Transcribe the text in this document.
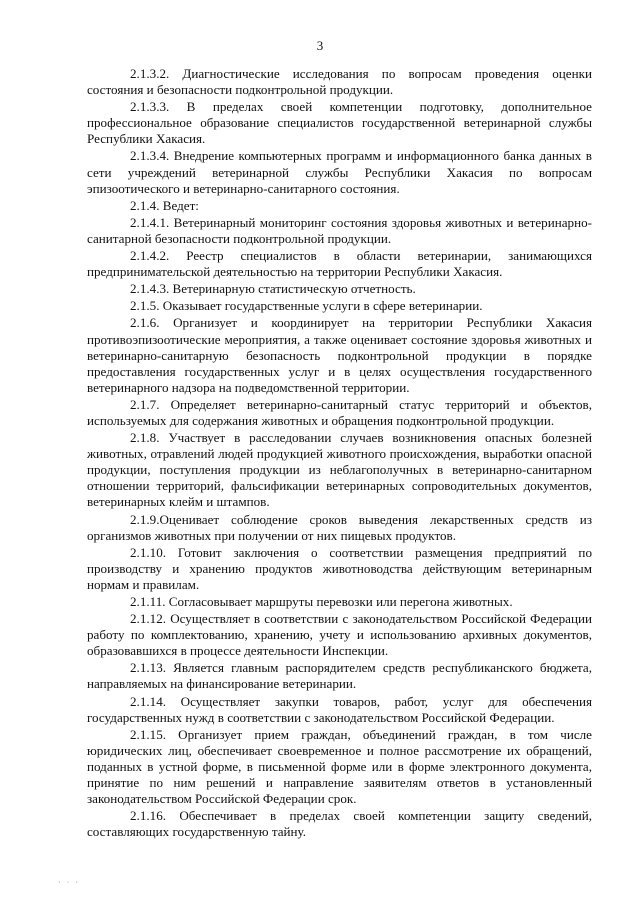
3

2.1.3.2. Диагностические исследования по вопросам проведения оценки состояния и безопасности подконтрольной продукции.

2.1.3.3. В пределах своей компетенции подготовку, дополнительное профессиональное образование специалистов государственной ветеринарной службы Республики Хакасия.

2.1.3.4. Внедрение компьютерных программ и информационного банка данных в сети учреждений ветеринарной службы Республики Хакасия по вопросам эпизоотического и ветеринарно-санитарного состояния.

2.1.4. Ведет:

2.1.4.1. Ветеринарный мониторинг состояния здоровья животных и ветеринарно-санитарной безопасности подконтрольной продукции.

2.1.4.2. Реестр специалистов в области ветеринарии, занимающихся предпринимательской деятельностью на территории Республики Хакасия.

2.1.4.3. Ветеринарную статистическую отчетность.

2.1.5. Оказывает государственные услуги в сфере ветеринарии.

2.1.6. Организует и координирует на территории Республики Хакасия противоэпизоотические мероприятия, а также оценивает состояние здоровья животных и ветеринарно-санитарную безопасность подконтрольной продукции в порядке предоставления государственных услуг и в целях осуществления государственного ветеринарного надзора на подведомственной территории.

2.1.7. Определяет ветеринарно-санитарный статус территорий и объектов, используемых для содержания животных и обращения подконтрольной продукции.

2.1.8. Участвует в расследовании случаев возникновения опасных болезней животных, отравлений людей продукцией животного происхождения, выработки опасной продукции, поступления продукции из неблагополучных в ветеринарно-санитарном отношении территорий, фальсификации ветеринарных сопроводительных документов, ветеринарных клейм и штампов.

2.1.9.Оценивает соблюдение сроков выведения лекарственных средств из организмов животных при получении от них пищевых продуктов.

2.1.10. Готовит заключения о соответствии размещения предприятий по производству и хранению продуктов животноводства действующим ветеринарным нормам и правилам.

2.1.11. Согласовывает маршруты перевозки или перегона животных.

2.1.12. Осуществляет в соответствии с законодательством Российской Федерации работу по комплектованию, хранению, учету и использованию архивных документов, образовавшихся в процессе деятельности Инспекции.

2.1.13. Является главным распорядителем средств республиканского бюджета, направляемых на финансирование ветеринарии.

2.1.14. Осуществляет закупки товаров, работ, услуг для обеспечения государственных нужд в соответствии с законодательством Российской Федерации.

2.1.15. Организует прием граждан, объединений граждан, в том числе юридических лиц, обеспечивает своевременное и полное рассмотрение их обращений, поданных в устной форме, в письменной форме или в форме электронного документа, принятие по ним решений и направление заявителям ответов в установленный законодательством Российской Федерации срок.

2.1.16. Обеспечивает в пределах своей компетенции защиту сведений, составляющих государственную тайну.

· · ·
